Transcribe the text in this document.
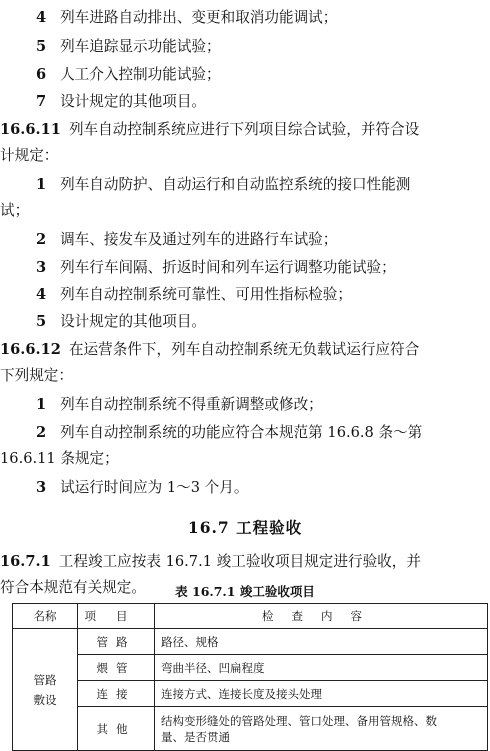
4 列车进路自动排出、变更和取消功能调试；
5 列车追踪显示功能试验；
6 人工介入控制功能试验；
7 设计规定的其他项目。
16.6.11 列车自动控制系统应进行下列项目综合试验，并符合设
计规定：
1 列车自动防护、自动运行和自动监控系统的接口性能测
试；
2 调车、接发车及通过列车的进路行车试验；
3 列车行车间隔、折返时间和列车运行调整功能试验；
4 列车自动控制系统可靠性、可用性指标检验；
5 设计规定的其他项目。
16.6.12 在运营条件下，列车自动控制系统无负载试运行应符合
下列规定：
1 列车自动控制系统不得重新调整或修改；
2 列车自动控制系统的功能应符合本规范第 16.6.8 条～第
16.6.11 条规定；
3 试运行时间应为 1～3 个月。
16.7 工程验收
16.7.1 工程竣工应按表 16.7.1 竣工验收项目规定进行验收，并
符合本规范有关规定。	表 16.7.1 竣工验收项目
名称	项目	检查内容
管路
敷设	管路	路径、规格
	煨管	弯曲半径、凹扁程度
	连接	连接方式、连接长度及接头处理
	其他	结构变形缝处的管路处理、管口处理、备用管规格、数
量、是否贯通
